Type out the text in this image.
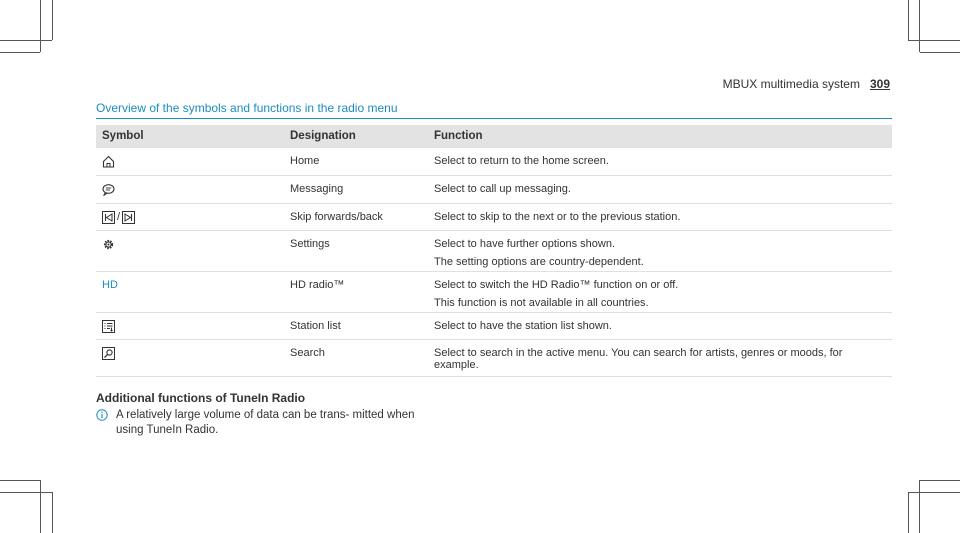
MBUX multimedia system 309
Overview of the symbols and functions in the radio menu
Symbol	Designation	Function
	Home	Select to return to the home screen.
	Messaging	Select to call up messaging.
/	Skip forwards/back	Select to skip to the next or to the previous station.
	Settings	Select to have further options shown.
The setting options are country-dependent.

HD	HD radio™	Select to switch the HD Radio™ function on or off.
This function is not available in all countries.

	Station list	Select to have the station list shown.
	Search	Select to search in the active menu. You can search for artists, genres or moods, for example.
Additional functions of TuneIn Radio
A relatively large volume of data can be trans- mitted when using TuneIn Radio.
